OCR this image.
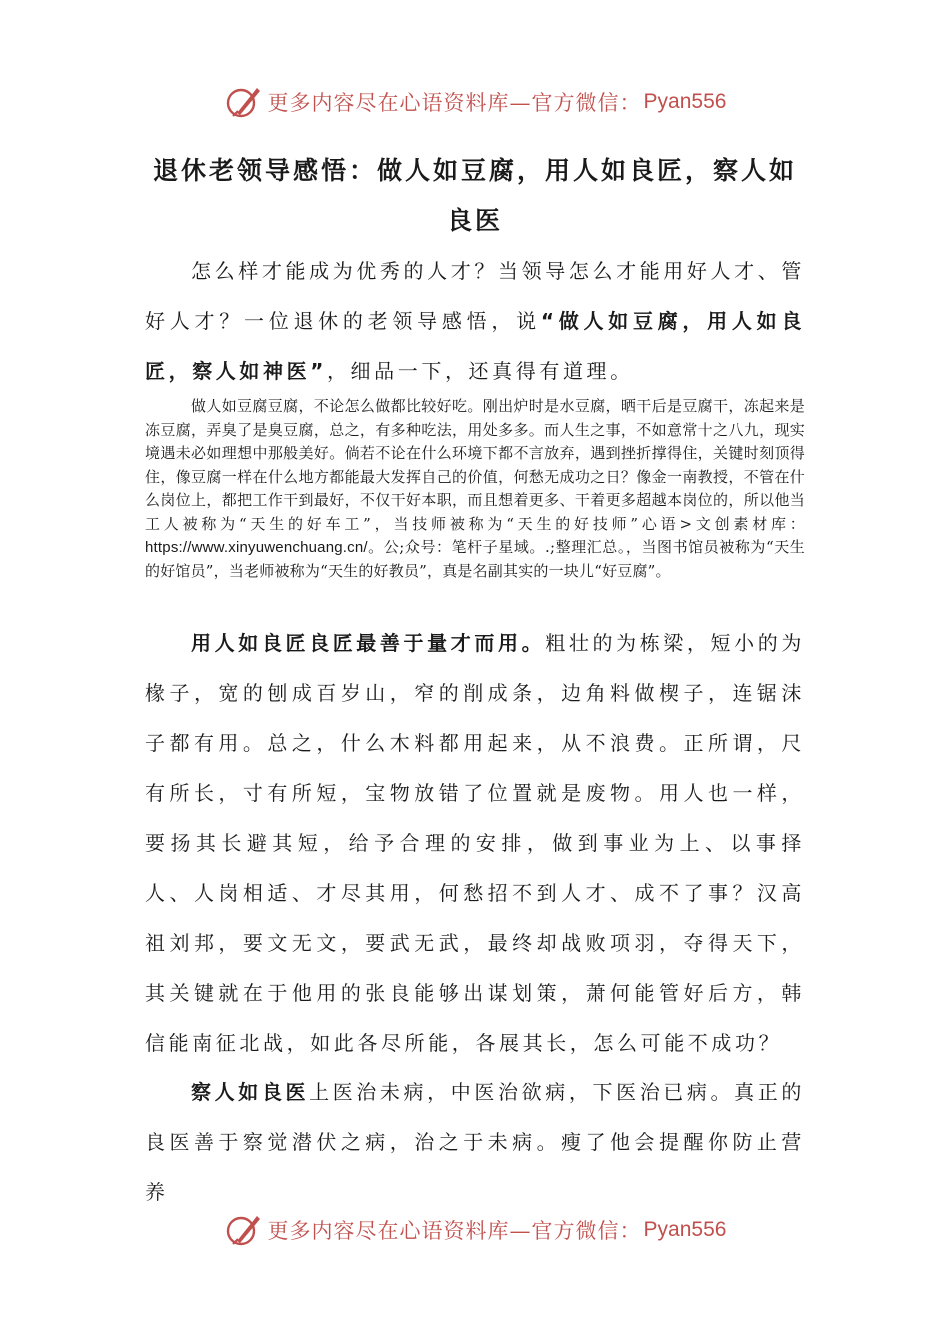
更多内容尽在心语资料库—官方微信： Pyan556
退休老领导感悟：做人如豆腐，用人如良匠，察人如良医

怎么样才能成为优秀的人才？当领导怎么才能用好人才、管好人才？一位退休的老领导感悟，说“做人如豆腐，用人如良匠，察人如神医”，细品一下，还真得有道理。

做人如豆腐豆腐，不论怎么做都比较好吃。刚出炉时是水豆腐，晒干后是豆腐干，冻起来是冻豆腐，弄臭了是臭豆腐，总之，有多种吃法，用处多多。而人生之事，不如意常十之八九，现实境遇未必如理想中那般美好。倘若不论在什么环境下都不言放弃，遇到挫折撑得住，关键时刻顶得住，像豆腐一样在什么地方都能最大发挥自己的价值，何愁无成功之日？像金一南教授，不管在什么岗位上，都把工作干到最好，不仅干好本职，而且想着更多、干着更多超越本岗位的，所以他当工人被称为“天生的好车工”，当技师被称为“天生的好技师”心语>文创素材库：https://www.xinyuwenchuang.cn/。公;众号：笔杆子星域。.;整理汇总。，当图书馆员被称为“天生的好馆员”，当老师被称为“天生的好教员”，真是名副其实的一块儿“好豆腐”。

用人如良匠良匠最善于量才而用。粗壮的为栋梁，短小的为椽子，宽的刨成百岁山，窄的削成条，边角料做楔子，连锯沫子都有用。总之，什么木料都用起来，从不浪费。正所谓，尺有所长，寸有所短，宝物放错了位置就是废物。用人也一样，要扬其长避其短，给予合理的安排，做到事业为上、以事择人、人岗相适、才尽其用，何愁招不到人才、成不了事？汉高祖刘邦，要文无文，要武无武，最终却战败项羽，夺得天下，其关键就在于他用的张良能够出谋划策，萧何能管好后方，韩信能南征北战，如此各尽所能，各展其长，怎么可能不成功？

察人如良医上医治未病，中医治欲病，下医治已病。真正的良医善于察觉潜伏之病，治之于未病。瘦了他会提醒你防止营养

更多内容尽在心语资料库—官方微信： Pyan556
